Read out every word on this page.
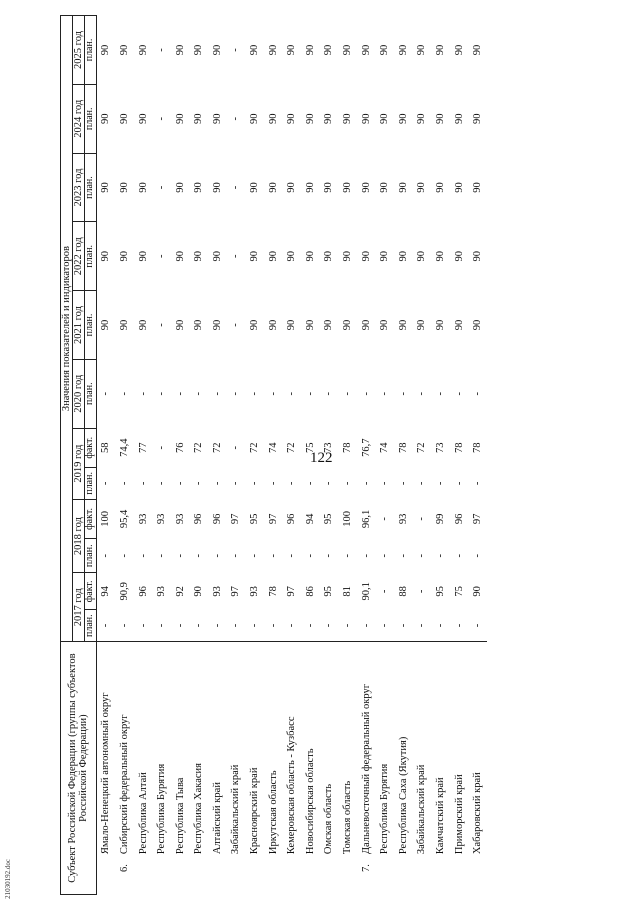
122
21030192.doc	Субъект Российской Федерации (группы субъектов Российской Федерации)		Значения показателей и индикаторов											
		2017 год		2018 год		2019 год		2020 год	2021 год	2022 год	2023 год	2024 год	2025 год
		план.	факт.	план.	факт.	план.	факт.	план.	план.	план.	план.	план.	план.
	Ямало-Ненецкий автономный округ	-	94	-	100	-	58	-	90	90	90	90	90
6.	Сибирский федеральный округ	-	90,9	-	95,4	-	74,4	-	90	90	90	90	90
	Республика Алтай	-	96	-	93	-	77	-	90	90	90	90	90
	Республика Бурятия	-	93	-	93	-	-	-	-	-	-	-	-
	Республика Тыва	-	92	-	93	-	76	-	90	90	90	90	90
	Республика Хакасия	-	90	-	96	-	72	-	90	90	90	90	90
	Алтайский край	-	93	-	96	-	72	-	90	90	90	90	90
	Забайкальский край	-	97	-	97	-	-	-	-	-	-	-	-
	Красноярский край	-	93	-	95	-	72	-	90	90	90	90	90
	Иркутская область	-	78	-	97	-	74	-	90	90	90	90	90
	Кемеровская область - Кузбасс	-	97	-	96	-	72	-	90	90	90	90	90
	Новосибирская область	-	86	-	94	-	75	-	90	90	90	90	90
	Омская область	-	95	-	95	-	73	-	90	90	90	90	90
	Томская область	-	81	-	100	-	78	-	90	90	90	90	90
7.	Дальневосточный федеральный округ	-	90,1	-	96,1	-	76,7	-	90	90	90	90	90
	Республика Бурятия	-	-	-	-	-	74	-	90	90	90	90	90
	Республика Саха (Якутия)	-	88	-	93	-	78	-	90	90	90	90	90
	Забайкальский край	-	-	-	-	-	72	-	90	90	90	90	90
	Камчатский край	-	95	-	99	-	73	-	90	90	90	90	90
	Приморский край	-	75	-	96	-	78	-	90	90	90	90	90
	Хабаровский край	-	90	-	97	-	78	-	90	90	90	90	90
